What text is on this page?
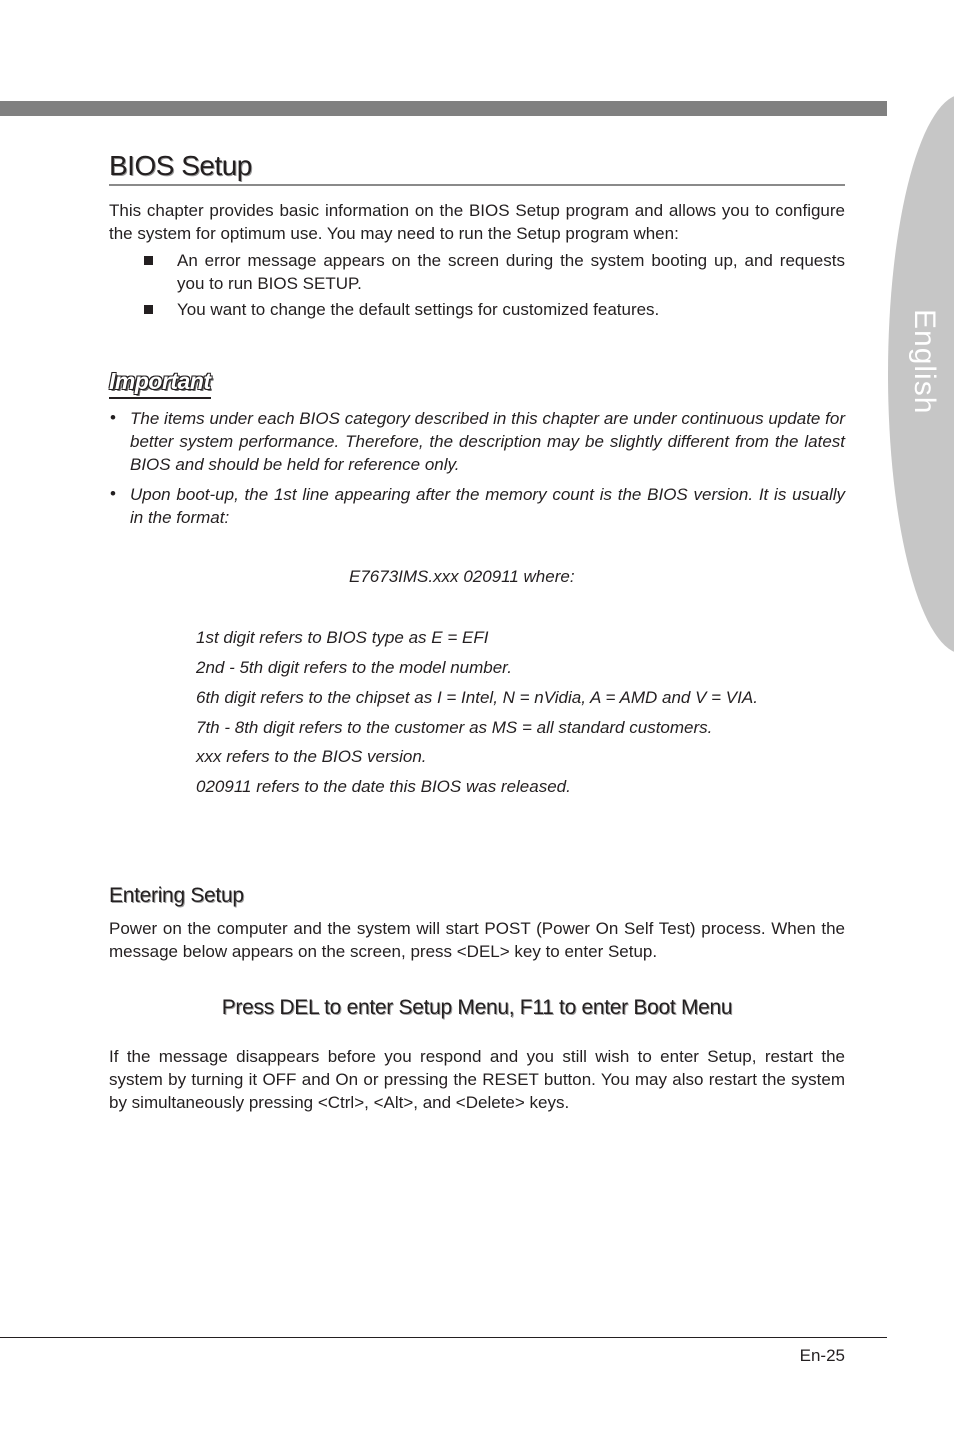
English
BIOS Setup
This chapter provides basic information on the BIOS Setup program and allows you to configure the system for optimum use. You may need to run the Setup program when:
An error message appears on the screen during the system booting up, and requests you to run BIOS SETUP.
You want to change the default settings for customized features.
Important
• The items under each BIOS category described in this chapter are under continuous update for better system performance. Therefore, the description may be slightly different from the latest BIOS and should be held for reference only.
• Upon boot-up, the 1st line appearing after the memory count is the BIOS version. It is usually in the format:
E7673IMS.xxx 020911 where:
1st digit refers to BIOS type as E = EFI
2nd - 5th digit refers to the model number.
6th digit refers to the chipset as I = Intel, N = nVidia, A = AMD and V = VIA.
7th - 8th digit refers to the customer as MS = all standard customers.
xxx refers to the BIOS version.
020911 refers to the date this BIOS was released.
Entering Setup
Power on the computer and the system will start POST (Power On Self Test) process. When the message below appears on the screen, press <DEL> key to enter Setup.
Press DEL to enter Setup Menu, F11 to enter Boot Menu
If the message disappears before you respond and you still wish to enter Setup, restart the system by turning it OFF and On or pressing the RESET button. You may also restart the system by simultaneously pressing <Ctrl>, <Alt>, and <Delete> keys.
En-25
